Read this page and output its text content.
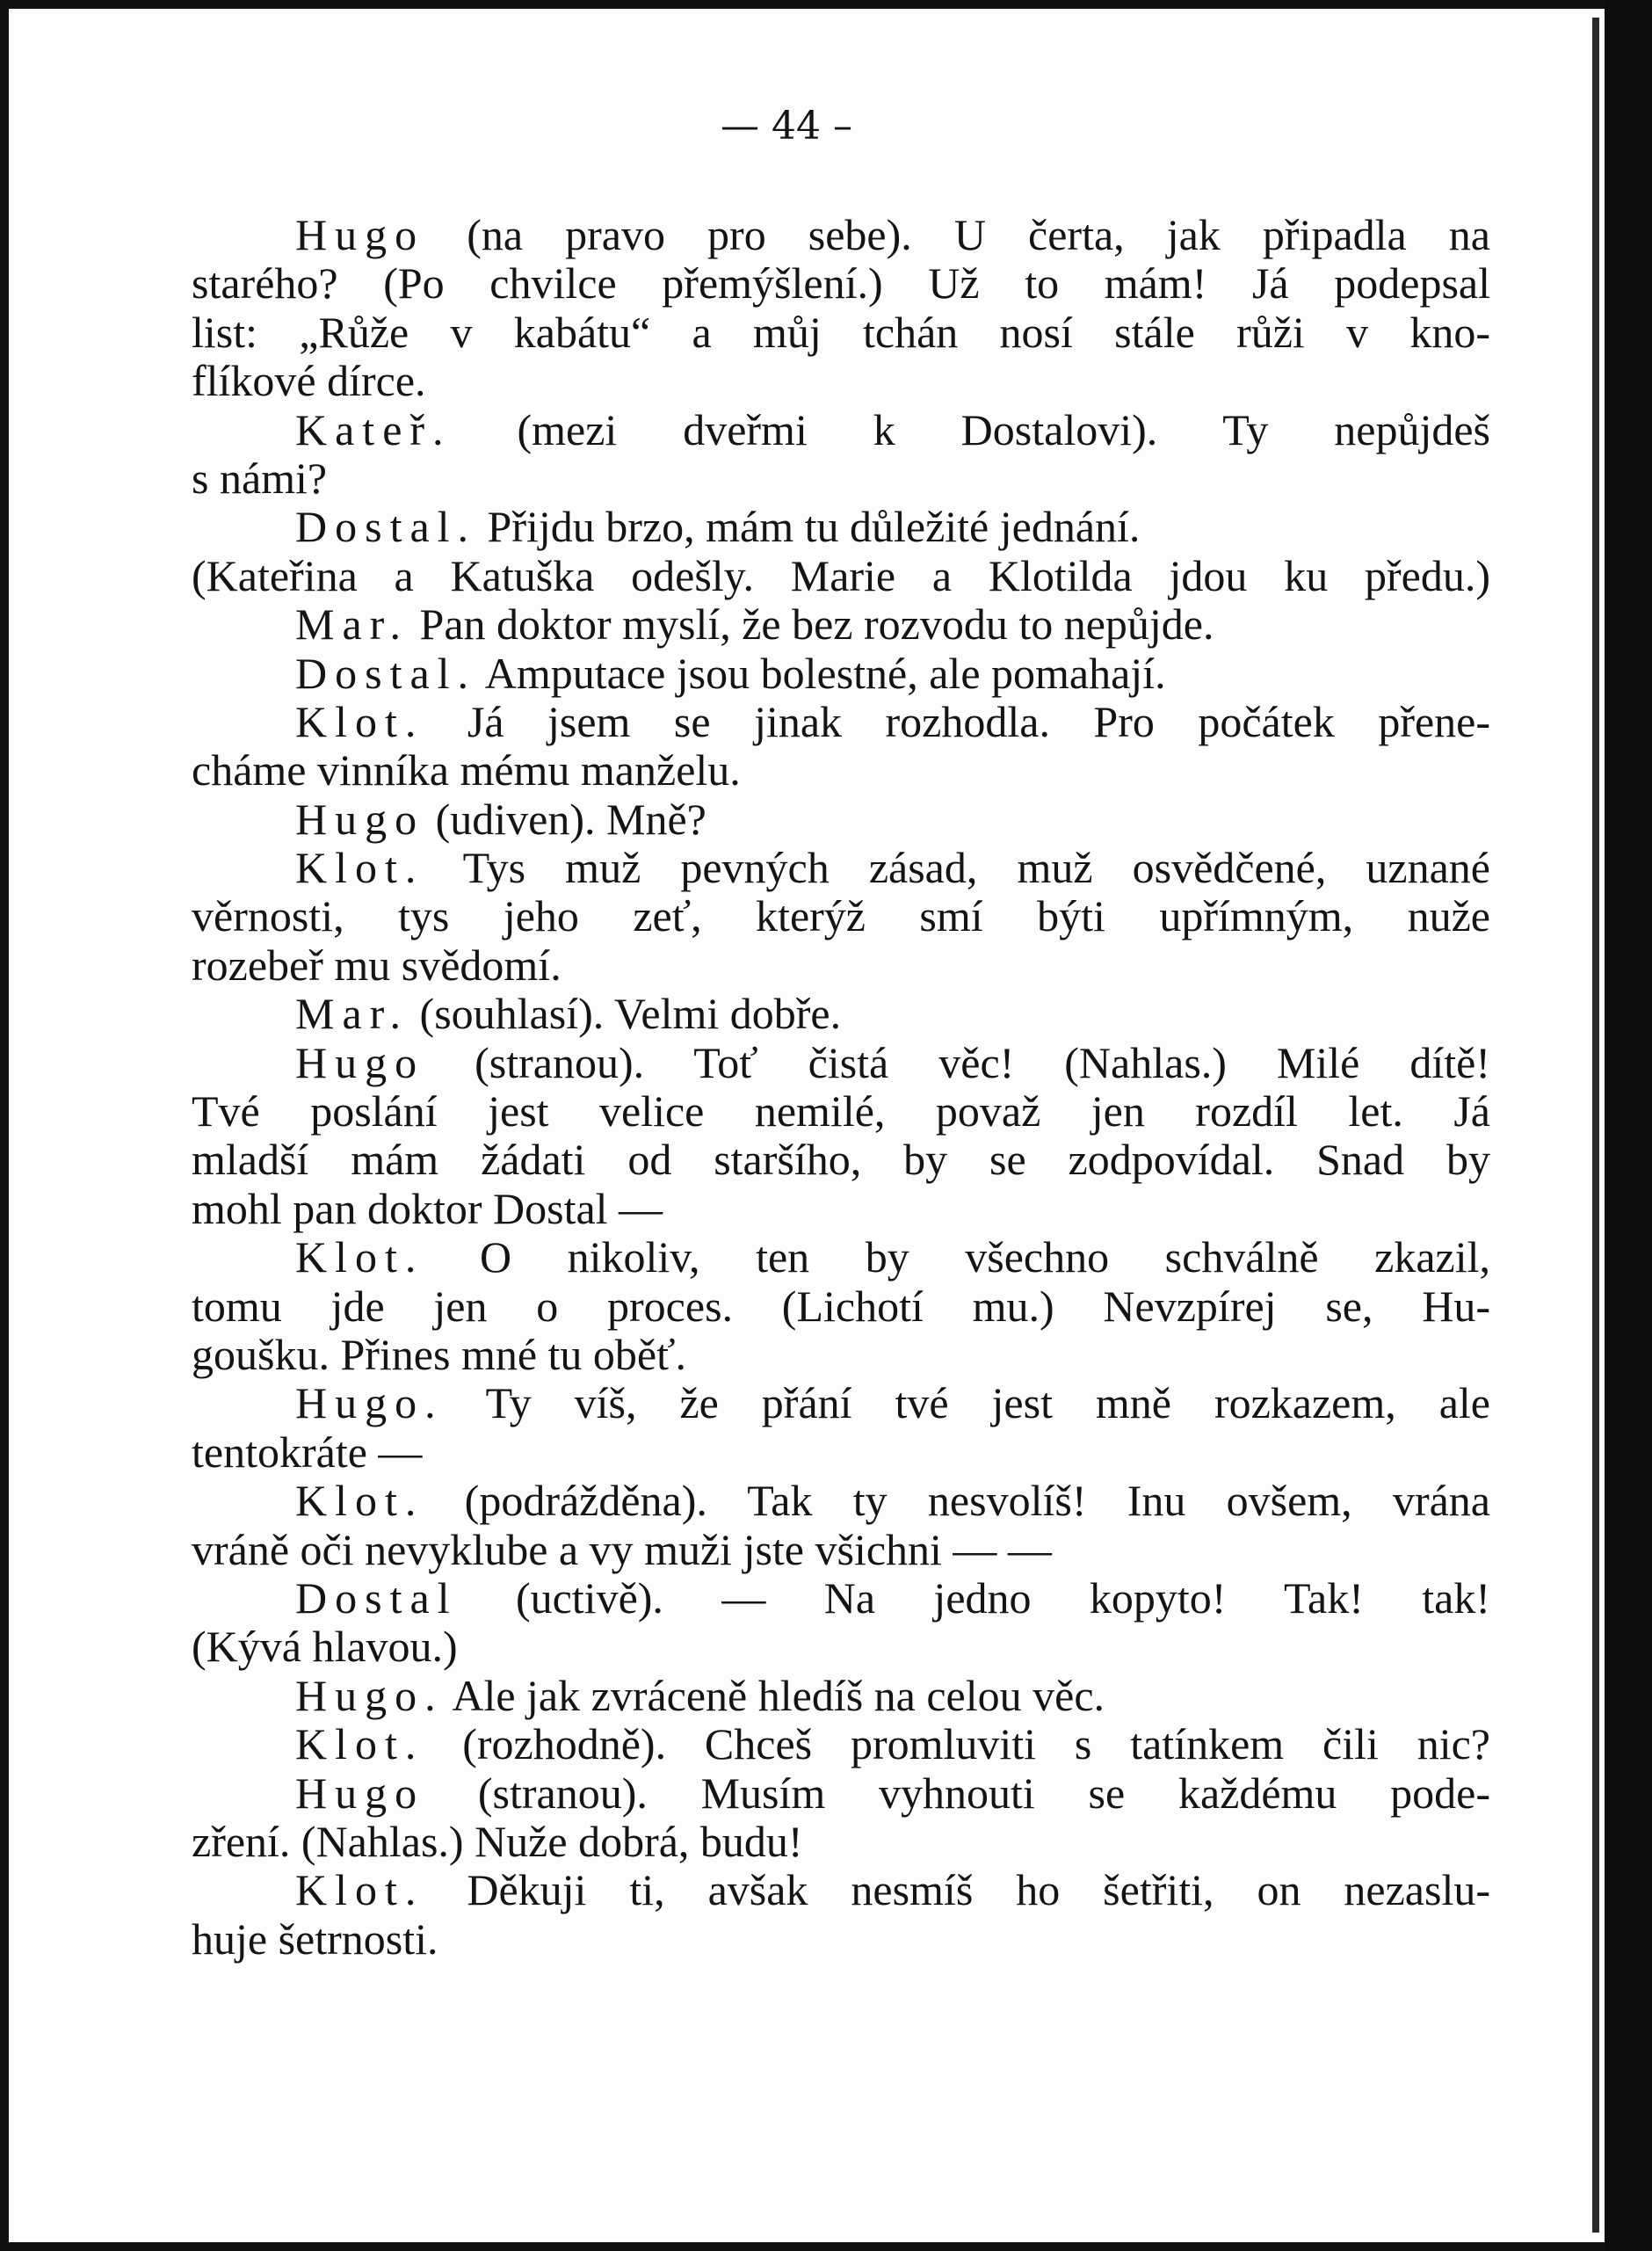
— 44 –
Hugo (na pravo pro sebe). U čerta, jak připadla na
starého? (Po chvilce přemýšlení.) Už to mám! Já podepsal
list: „Růže v kabátu“ a můj tchán nosí stále růži v kno-
flíkové dírce.
Kateř. (mezi dveřmi k Dostalovi). Ty nepůjdeš
s námi?
Dostal. Přijdu brzo, mám tu důležité jednání.
(Kateřina a Katuška odešly. Marie a Klotilda jdou ku předu.)
Mar. Pan doktor myslí, že bez rozvodu to nepůjde.
Dostal. Amputace jsou bolestné, ale pomahají.
Klot. Já jsem se jinak rozhodla. Pro počátek přene-
cháme vinníka mému manželu.
Hugo (udiven). Mně?
Klot. Tys muž pevných zásad, muž osvědčené, uznané
věrnosti, tys jeho zeť, kterýž smí býti upřímným, nuže
rozebeř mu svědomí.
Mar. (souhlasí). Velmi dobře.
Hugo (stranou). Toť čistá věc! (Nahlas.) Milé dítě!
Tvé poslání jest velice nemilé, považ jen rozdíl let. Já
mladší mám žádati od staršího, by se zodpovídal. Snad by
mohl pan doktor Dostal —
Klot. O nikoliv, ten by všechno schválně zkazil,
tomu jde jen o proces. (Lichotí mu.) Nevzpírej se, Hu-
goušku. Přines mné tu oběť.
Hugo. Ty víš, že přání tvé jest mně rozkazem, ale
tentokráte —
Klot. (podrážděna). Tak ty nesvolíš! Inu ovšem, vrána
vráně oči nevyklube a vy muži jste všichni — —
Dostal (uctivě). — Na jedno kopyto! Tak! tak!
(Kývá hlavou.)
Hugo. Ale jak zvráceně hledíš na celou věc.
Klot. (rozhodně). Chceš promluviti s tatínkem čili nic?
Hugo (stranou). Musím vyhnouti se každému pode-
zření. (Nahlas.) Nuže dobrá, budu!
Klot. Děkuji ti, avšak nesmíš ho šetřiti, on nezaslu-
huje šetrnosti.
